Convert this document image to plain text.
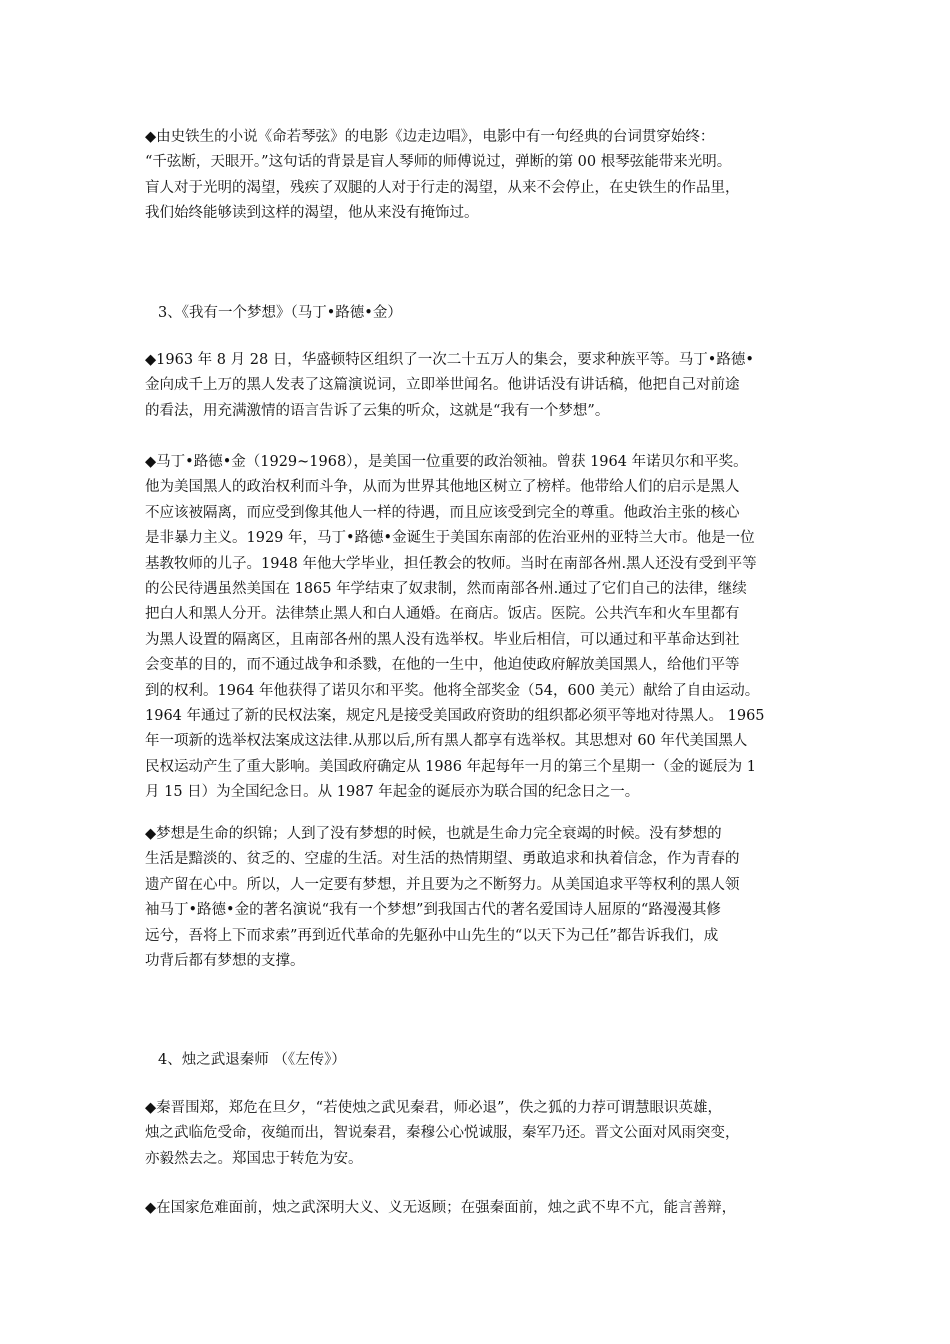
◆由史铁生的小说《命若琴弦》的电影《边走边唱》，电影中有一句经典的台词贯穿始终：
“千弦断，天眼开。”这句话的背景是盲人琴师的师傅说过，弹断的第 00 根琴弦能带来光明。
盲人对于光明的渴望，残疾了双腿的人对于行走的渴望，从来不会停止，在史铁生的作品里，
我们始终能够读到这样的渴望，他从来没有掩饰过。
3、《我有一个梦想》（马丁•路德•金）
◆1963 年 8 月 28 日，华盛顿特区组织了一次二十五万人的集会，要求种族平等。马丁•路德•
金向成千上万的黑人发表了这篇演说词，立即举世闻名。他讲话没有讲话稿，他把自己对前途
的看法，用充满激情的语言告诉了云集的听众，这就是“我有一个梦想”。
◆马丁•路德•金（1929~1968），是美国一位重要的政治领袖。曾获 1964 年诺贝尔和平奖。
他为美国黑人的政治权利而斗争，从而为世界其他地区树立了榜样。他带给人们的启示是黑人
不应该被隔离，而应受到像其他人一样的待遇，而且应该受到完全的尊重。他政治主张的核心
是非暴力主义。1929 年，马丁•路德•金诞生于美国东南部的佐治亚州的亚特兰大市。他是一位
基教牧师的儿子。1948 年他大学毕业，担任教会的牧师。当时在南部各州.黑人还没有受到平等
的公民待遇虽然美国在 1865 年学结束了奴隶制，然而南部各州.通过了它们自己的法律，继续
把白人和黑人分开。法律禁止黑人和白人通婚。在商店。饭店。医院。公共汽车和火车里都有
为黑人设置的隔离区，且南部各州的黑人没有选举权。毕业后相信，可以通过和平革命达到社
会变革的目的，而不通过战争和杀戮，在他的一生中，他迫使政府解放美国黑人，给他们平等
到的权利。1964 年他获得了诺贝尔和平奖。他将全部奖金（54，600 美元）献给了自由运动。
1964 年通过了新的民权法案，规定凡是接受美国政府资助的组织都必须平等地对待黑人。 1965
年一项新的选举权法案成这法律.从那以后,所有黑人都享有选举权。其思想对 60 年代美国黑人
民权运动产生了重大影响。美国政府确定从 1986 年起每年一月的第三个星期一（金的诞辰为 1
月 15 日）为全国纪念日。从 1987 年起金的诞辰亦为联合国的纪念日之一。
◆梦想是生命的织锦；人到了没有梦想的时候，也就是生命力完全衰竭的时候。没有梦想的
生活是黯淡的、贫乏的、空虚的生活。对生活的热情期望、勇敢追求和执着信念，作为青春的
遗产留在心中。所以，人一定要有梦想，并且要为之不断努力。从美国追求平等权利的黑人领
袖马丁•路德•金的著名演说“我有一个梦想”到我国古代的著名爱国诗人屈原的“路漫漫其修
远兮，吾将上下而求索”再到近代革命的先躯孙中山先生的“以天下为己任”都告诉我们，成
功背后都有梦想的支撑。
4、烛之武退秦师 （《左传》）
◆秦晋围郑，郑危在旦夕，“若使烛之武见秦君，师必退”，佚之狐的力荐可谓慧眼识英雄，
烛之武临危受命，夜缒而出，智说秦君，秦穆公心悦诚服，秦军乃还。晋文公面对风雨突变，
亦毅然去之。郑国忠于转危为安。
◆在国家危难面前，烛之武深明大义、义无返顾；在强秦面前，烛之武不卑不亢，能言善辩，
